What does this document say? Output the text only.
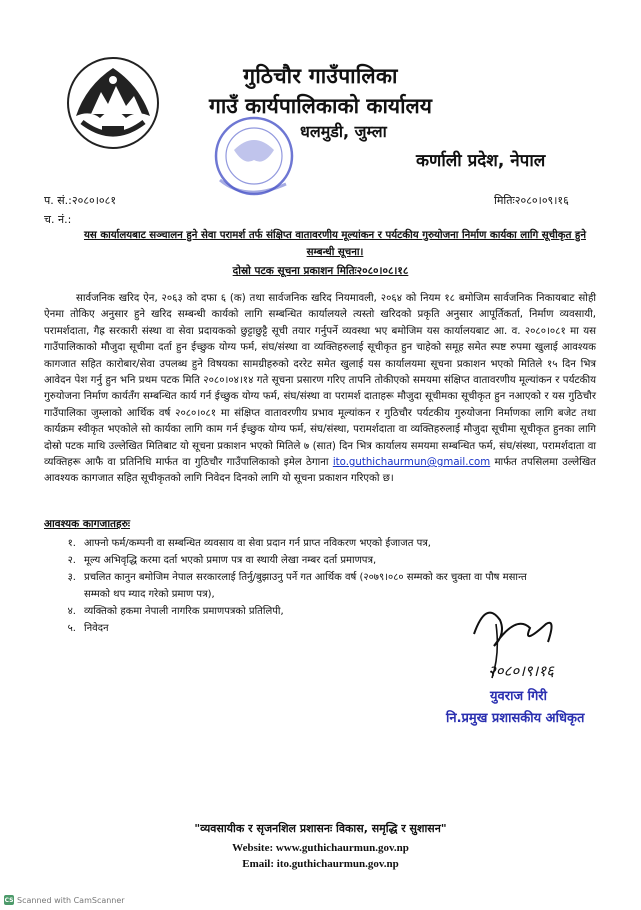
गुठिचौर गाउँपालिका
गाउँ कार्यपालिकाको कार्यालय
धलमुडी, जुम्ला
कर्णाली प्रदेश, नेपाल
प. सं.:२०८०।०८१
च. नं.:
मितिः२०८०।०९।१६
यस कार्यालयबाट सञ्चालन हुने सेवा परामर्श तर्फ संक्षिप्त वातावरणीय मूल्यांकन र पर्यटकीय गुरुयोजना निर्माण कार्यका लागि सूचीकृत हुने सम्बन्धी सूचना।
दोस्रो पटक सूचना प्रकाशन मितिः२०८०।०८।१८
सार्वजनिक खरिद ऐन, २०६३ को दफा ६ (क) तथा सार्वजनिक खरिद नियमावली, २०६४ को नियम १८ बमोजिम सार्वजनिक निकायबाट सोही ऐनमा तोकिए अनुसार हुने खरिद सम्बन्धी कार्यको लागि सम्बन्धित कार्यालयले त्यस्तो खरिदको प्रकृति अनुसार आपूर्तिकर्ता, निर्माण व्यवसायी, परामर्शदाता, गैह्र सरकारी संस्था वा सेवा प्रदायकको छुट्टाछुट्टै सूची तयार गर्नुपर्ने व्यवस्था भए बमोजिम यस कार्यालयबाट आ. व. २०८०।०८१ मा यस गाउँपालिकाको मौजुदा सूचीमा दर्ता हुन ईच्छुक योग्य फर्म, संघ/संस्था वा व्यक्तिहरुलाई सूचीकृत हुन चाहेको समूह समेत स्पष्ट रुपमा खुलाई आवश्यक कागजात सहित कारोबार/सेवा उपलब्ध हुने विषयका सामग्रीहरुको दररेट समेत खुलाई यस कार्यालयमा सूचना प्रकाशन भएको मितिले १५ दिन भित्र आवेदन पेश गर्नु हुन भनि प्रथम पटक मिति २०८०।०४।१४ गते सूचना प्रसारण गरिए तापनि तोकीएको समयमा संक्षिप्त वातावरणीय मूल्यांकन र पर्यटकीय गुरुयोजना निर्माण कार्यतँग सम्बन्धित कार्य गर्न ईच्छुक योग्य फर्म, संघ/संस्था वा परामर्श दाताहरू मौजुदा सूचीमका सूचीकृत हुन नआएको र यस गुठिचौर गाउँपालिका जुम्लाको आर्थिक वर्ष २०८०।०८१ मा संक्षिप्त वातावरणीय प्रभाव मूल्यांकन र गुठिचौर पर्यटकीय गुरुयोजना निर्माणका लागि बजेट तथा कार्यक्रम स्वीकृत भएकोले सो कार्यका लागि काम गर्न ईच्छुक योग्य फर्म, संघ/संस्था, परामर्शदाता वा व्यक्तिहरुलाई मौजुदा सूचीमा सूचीकृत हुनका लागि दोस्रो पटक माथि उल्लेखित मितिबाट यो सूचना प्रकाशन भएको मितिले ७ (सात) दिन भित्र कार्यालय समयमा सम्बन्धित फर्म, संघ/संस्था, परामर्शदाता वा व्यक्तिहरू आफै वा प्रतिनिधि मार्फत वा गुठिचौर गाउँपालिकाको इमेल ठेगाना ito.guthichaurmun@gmail.com मार्फत तपसिलमा उल्लेखित आवश्यक कागजात सहित सूचीकृतको लागि निवेदन दिनको लागि यो सूचना प्रकाशन गरिएको छ।
आवश्यक कागजातहरुः
१. आफ्नो फर्म/कम्पनी वा सम्बन्धित व्यवसाय वा सेवा प्रदान गर्न प्राप्त नविकरण भएको ईजाजत पत्र,
२. मूल्य अभिवृद्धि करमा दर्ता भएको प्रमाण पत्र वा स्थायी लेखा नम्बर दर्ता प्रमाणपत्र,
३. प्रचलित कानुन बमोजिम नेपाल सरकारलाई तिर्नु/बुझाउनु पर्ने गत आर्थिक वर्ष (२०७९।०८० सम्मको कर चुक्ता वा पौष मसान्त सम्मको थप म्याद गरेको प्रमाण पत्र),
४. व्यक्तिको हकमा नेपाली नागरिक प्रमाणपत्रको प्रतिलिपी,
५. निवेदन
२०८०।९।१६
युवराज गिरी
नि.प्रमुख प्रशासकीय अधिकृत
"व्यवसायीक र सृजनशिल प्रशासनः विकास, समृद्धि र सुशासन"
Website: www.guthichaurmun.gov.np
Email: ito.guthichaurmun.gov.np
CS Scanned with CamScanner
